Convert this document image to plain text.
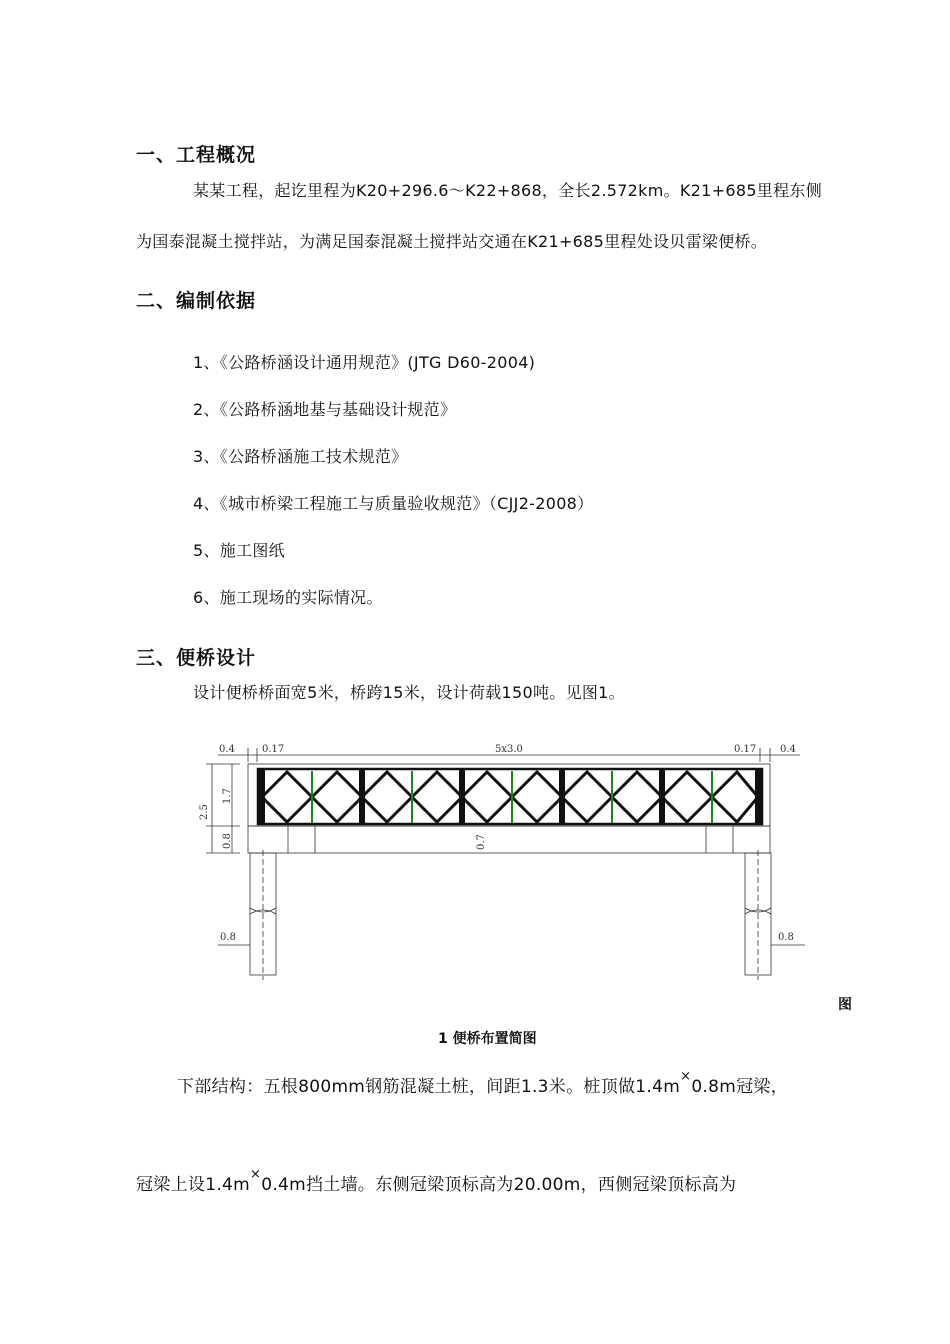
一、工程概况
某某工程，起讫里程为K20+296.6～K22+868，全长2.572km。K21+685里程东侧
为国泰混凝土搅拌站，为满足国泰混凝土搅拌站交通在K21+685里程处设贝雷梁便桥。
二、编制依据
1、《公路桥涵设计通用规范》(JTG D60-2004)
2、《公路桥涵地基与基础设计规范》
3、《公路桥涵施工技术规范》
4、《城市桥梁工程施工与质量验收规范》（CJJ2-2008）
5、施工图纸
6、施工现场的实际情况。
三、便桥设计
设计便桥桥面宽5米，桥跨15米，设计荷载150吨。见图1。
0.4	0.17	5x3.0	0.17 0.4
2.5
1.7
0.8	0.7
0.8	0.8
图
1 便桥布置简图
下部结构：五根800mm钢筋混凝土桩，间距1.3米。桩顶做1.4m×0.8m冠梁，
冠梁上设1.4m×0.4m挡土墙。东侧冠梁顶标高为20.00m，西侧冠梁顶标高为
